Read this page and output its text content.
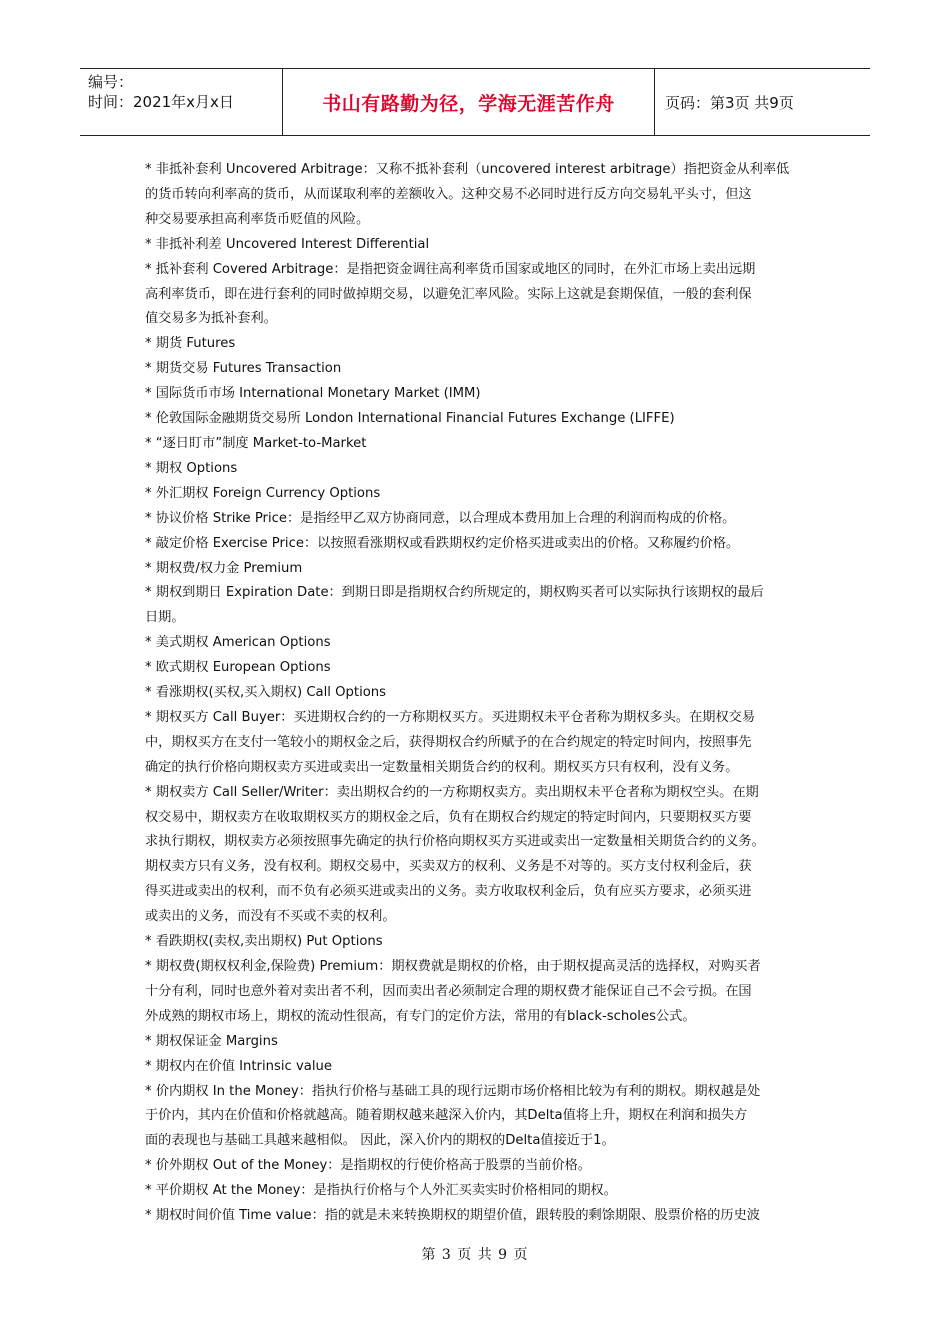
编号：
时间：2021年x月x日	书山有路勤为径，学海无涯苦作舟	页码：第3页 共9页

* 非抵补套利 Uncovered Arbitrage：又称不抵补套利（uncovered interest arbitrage）指把资金从利率低

的货币转向利率高的货币，从而谋取利率的差额收入。这种交易不必同时进行反方向交易轧平头寸，但这

种交易要承担高利率货币贬值的风险。

* 非抵补利差 Uncovered Interest Differential

* 抵补套利 Covered Arbitrage：是指把资金调往高利率货币国家或地区的同时，在外汇市场上卖出远期

高利率货币，即在进行套利的同时做掉期交易，以避免汇率风险。实际上这就是套期保值，一般的套利保

值交易多为抵补套利。

* 期货 Futures

* 期货交易 Futures Transaction

* 国际货币市场 International Monetary Market (IMM)

* 伦敦国际金融期货交易所 London International Financial Futures Exchange (LIFFE)

* “逐日盯市”制度 Market-to-Market

* 期权 Options

* 外汇期权 Foreign Currency Options

* 协议价格 Strike Price：是指经甲乙双方协商同意，以合理成本费用加上合理的利润而构成的价格。

* 敲定价格 Exercise Price：以按照看涨期权或看跌期权约定价格买进或卖出的价格。又称履约价格。

* 期权费/权力金 Premium

* 期权到期日 Expiration Date：到期日即是指期权合约所规定的，期权购买者可以实际执行该期权的最后

日期。

* 美式期权 American Options

* 欧式期权 European Options

* 看涨期权(买权,买入期权) Call Options

* 期权买方 Call Buyer：买进期权合约的一方称期权买方。买进期权未平仓者称为期权多头。在期权交易

中，期权买方在支付一笔较小的期权金之后，获得期权合约所赋予的在合约规定的特定时间内，按照事先

确定的执行价格向期权卖方买进或卖出一定数量相关期货合约的权利。期权买方只有权利，没有义务。

* 期权卖方 Call Seller/Writer：卖出期权合约的一方称期权卖方。卖出期权未平仓者称为期权空头。在期

权交易中，期权卖方在收取期权买方的期权金之后，负有在期权合约规定的特定时间内，只要期权买方要

求执行期权，期权卖方必须按照事先确定的执行价格向期权买方买进或卖出一定数量相关期货合约的义务。

期权卖方只有义务，没有权利。期权交易中，买卖双方的权利、义务是不对等的。买方支付权利金后，获

得买进或卖出的权利，而不负有必须买进或卖出的义务。卖方收取权利金后，负有应买方要求，必须买进

或卖出的义务，而没有不买或不卖的权利。

* 看跌期权(卖权,卖出期权) Put Options

* 期权费(期权权利金,保险费) Premium：期权费就是期权的价格，由于期权提高灵活的选择权，对购买者

十分有利，同时也意外着对卖出者不利，因而卖出者必须制定合理的期权费才能保证自己不会亏损。在国

外成熟的期权市场上，期权的流动性很高，有专门的定价方法，常用的有black-scholes公式。

* 期权保证金 Margins

* 期权内在价值 Intrinsic value

* 价内期权 In the Money：指执行价格与基础工具的现行远期市场价格相比较为有利的期权。期权越是处

于价内，其内在价值和价格就越高。随着期权越来越深入价内，其Delta值将上升，期权在利润和损失方

面的表现也与基础工具越来越相似。 因此，深入价内的期权的Delta值接近于1。

* 价外期权 Out of the Money：是指期权的行使价格高于股票的当前价格。

* 平价期权 At the Money：是指执行价格与个人外汇买卖实时价格相同的期权。

* 期权时间价值 Time value：指的就是未来转换期权的期望价值，跟转股的剩馀期限、股票价格的历史波

第 3 页 共 9 页
